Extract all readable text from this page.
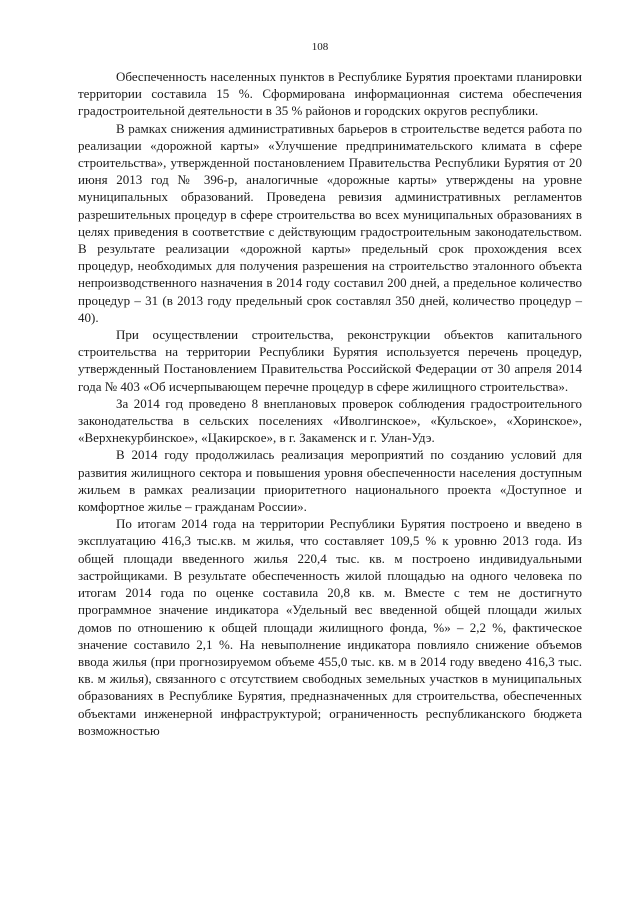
108

Обеспеченность населенных пунктов в Республике Бурятия проектами планировки территории составила 15 %. Сформирована информационная система обеспечения градостроительной деятельности в 35 % районов и городских округов республики.

В рамках снижения административных барьеров в строительстве ведется работа по реализации «дорожной карты» «Улучшение предпринимательского климата в сфере строительства», утвержденной постановлением Правительства Республики Бурятия от 20 июня 2013 год № 396-р, аналогичные «дорожные карты» утверждены на уровне муниципальных образований. Проведена ревизия административных регламентов разрешительных процедур в сфере строительства во всех муниципальных образованиях в целях приведения в соответствие с действующим градостроительным законодательством. В результате реализации «дорожной карты» предельный срок прохождения всех процедур, необходимых для получения разрешения на строительство эталонного объекта непроизводственного назначения в 2014 году составил 200 дней, а предельное количество процедур – 31 (в 2013 году предельный срок составлял 350 дней, количество процедур – 40).

При осуществлении строительства, реконструкции объектов капитального строительства на территории Республики Бурятия используется перечень процедур, утвержденный Постановлением Правительства Российской Федерации от 30 апреля 2014 года № 403 «Об исчерпывающем перечне процедур в сфере жилищного строительства».

За 2014 год проведено 8 внеплановых проверок соблюдения градостроительного законодательства в сельских поселениях «Иволгинское», «Кульское», «Хоринское», «Верхнекурбинское», «Цакирское», в г. Закаменск и г. Улан-Удэ.

В 2014 году продолжилась реализация мероприятий по созданию условий для развития жилищного сектора и повышения уровня обеспеченности населения доступным жильем в рамках реализации приоритетного национального проекта «Доступное и комфортное жилье – гражданам России».

По итогам 2014 года на территории Республики Бурятия построено и введено в эксплуатацию 416,3 тыс.кв. м жилья, что составляет 109,5 % к уровню 2013 года. Из общей площади введенного жилья 220,4 тыс. кв. м построено индивидуальными застройщиками. В результате обеспеченность жилой площадью на одного человека по итогам 2014 года по оценке составила 20,8 кв. м. Вместе с тем не достигнуто программное значение индикатора «Удельный вес введенной общей площади жилых домов по отношению к общей площади жилищного фонда, %» – 2,2 %, фактическое значение составило 2,1 %. На невыполнение индикатора повлияло снижение объемов ввода жилья (при прогнозируемом объеме 455,0 тыс. кв. м в 2014 году введено 416,3 тыс. кв. м жилья), связанного с отсутствием свободных земельных участков в муниципальных образованиях в Республике Бурятия, предназначенных для строительства, обеспеченных объектами инженерной инфраструктурой; ограниченность республиканского бюджета возможностью
